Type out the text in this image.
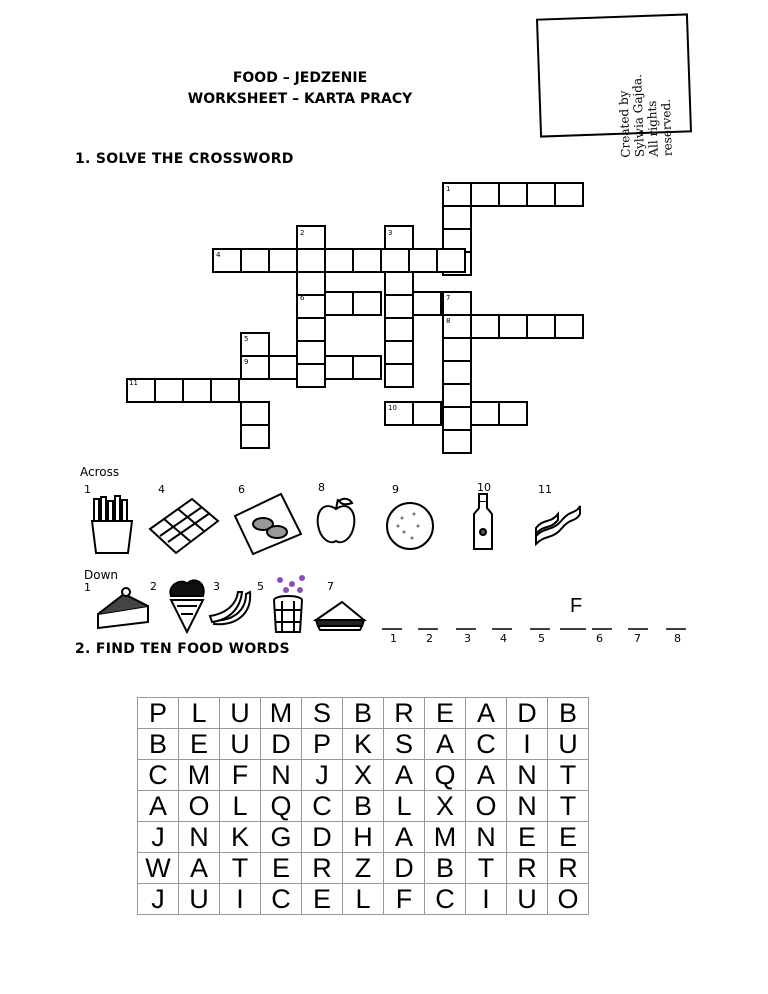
FOOD – JEDZENIE
WORKSHEET – KARTA PRACY	Created by
Sylwia Gajda.
All rights
reserved.
1. SOLVE THE CROSSWORD
1
2	3
4
5
6	7
8
9
10
11
Across
1	4	6	8	9	10	11
Down
1	2	3	5	7
F
1	2	3	4	5	6	7	8
2. FIND TEN FOOD WORDS
P	L	U	M	S	B	R	E	A	D	B
B	E	U	D	P	K	S	A	C	I	U
C	M	F	N	J	X	A	Q	A	N	T
A	O	L	Q	C	B	L	X	O	N	T
J	N	K	G	D	H	A	M	N	E	E
W	A	T	E	R	Z	D	B	T	R	R
J	U	I	C	E	L	F	C	I	U	O
